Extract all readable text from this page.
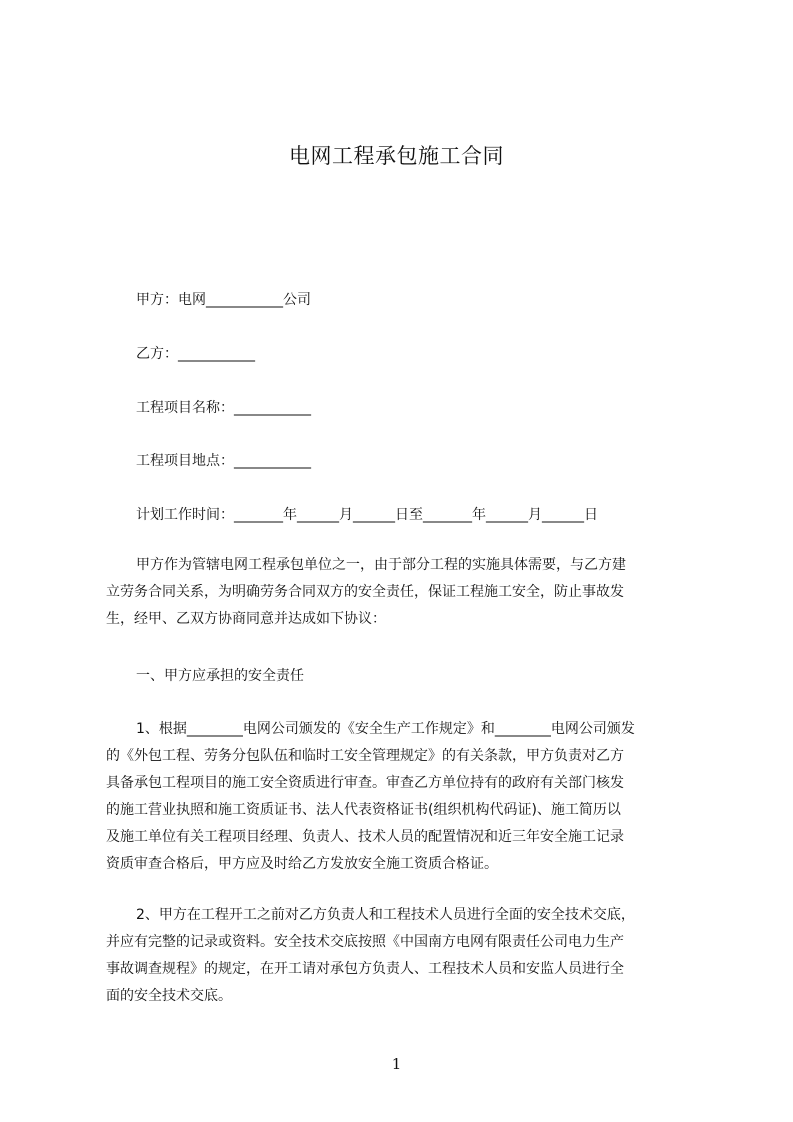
电网工程承包施工合同
甲方：电网___________公司
乙方：___________
工程项目名称：___________
工程项目地点：___________
计划工作时间：_______年______月______日至_______年______月______日
甲方作为管辖电网工程承包单位之一，由于部分工程的实施具体需要，与乙方建
立劳务合同关系，为明确劳务合同双方的安全责任，保证工程施工安全，防止事故发
生，经甲、乙双方协商同意并达成如下协议：
一、甲方应承担的安全责任
1、根据________电网公司颁发的《安全生产工作规定》和________电网公司颁发
的《外包工程、劳务分包队伍和临时工安全管理规定》的有关条款，甲方负责对乙方
具备承包工程项目的施工安全资质进行审查。审查乙方单位持有的政府有关部门核发
的施工营业执照和施工资质证书、法人代表资格证书(组织机构代码证)、施工简历以
及施工单位有关工程项目经理、负责人、技术人员的配置情况和近三年安全施工记录
资质审查合格后，甲方应及时给乙方发放安全施工资质合格证。
2、甲方在工程开工之前对乙方负责人和工程技术人员进行全面的安全技术交底，
并应有完整的记录或资料。安全技术交底按照《中国南方电网有限责任公司电力生产
事故调查规程》的规定，在开工请对承包方负责人、工程技术人员和安监人员进行全
面的安全技术交底。
1
